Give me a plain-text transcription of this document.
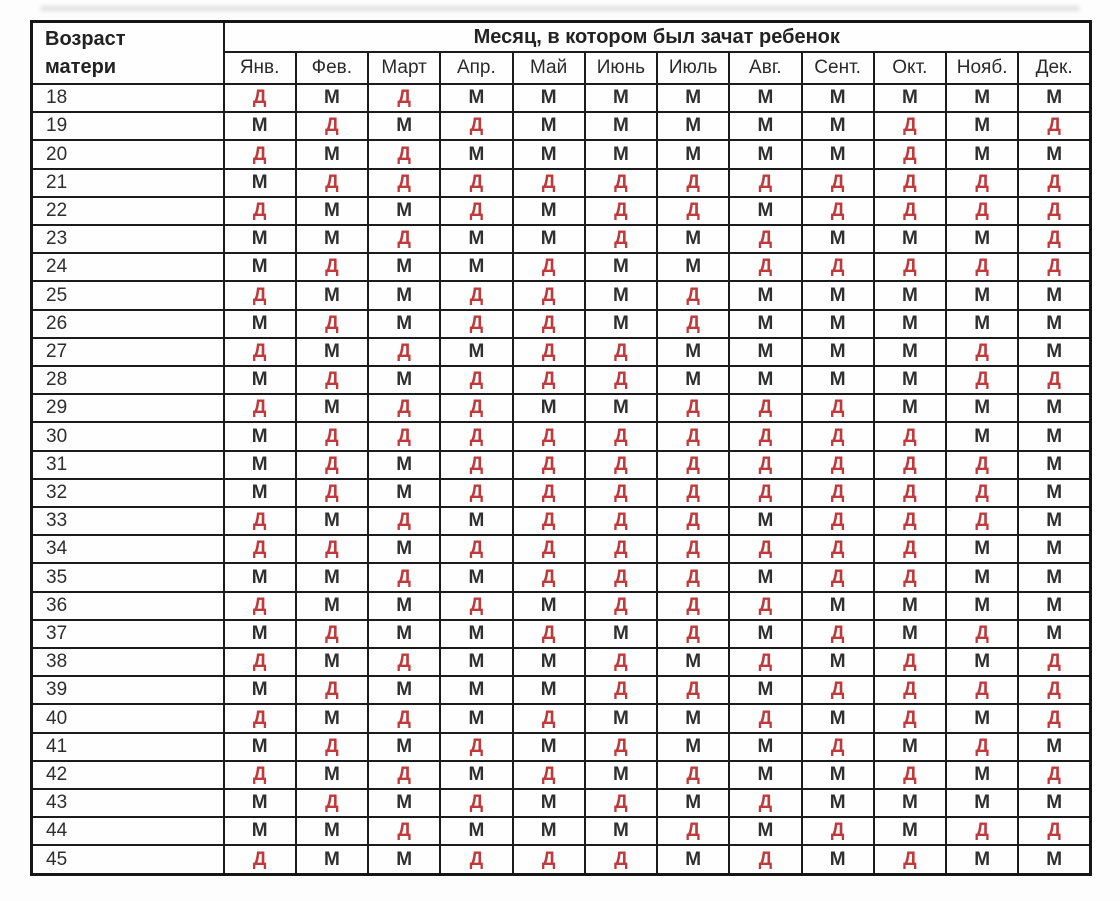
Возраст
матери	Месяц, в котором был зачат ребенок											
	Янв.	Фев.	Март	Апр.	Май	Июнь	Июль	Авг.	Сент.	Окт.	Нояб.	Дек.
18	Д	М	Д	М	М	М	М	М	М	М	М	М
19	М	Д	М	Д	М	М	М	М	М	Д	М	Д
20	Д	М	Д	М	М	М	М	М	М	Д	М	М
21	М	Д	Д	Д	Д	Д	Д	Д	Д	Д	Д	Д
22	Д	М	М	Д	М	Д	Д	М	Д	Д	Д	Д
23	М	М	Д	М	М	Д	М	Д	М	М	М	Д
24	М	Д	М	М	Д	М	М	Д	Д	Д	Д	Д
25	Д	М	М	Д	Д	М	Д	М	М	М	М	М
26	М	Д	М	Д	Д	М	Д	М	М	М	М	М
27	Д	М	Д	М	Д	Д	М	М	М	М	Д	М
28	М	Д	М	Д	Д	Д	М	М	М	М	Д	Д
29	Д	М	Д	Д	М	М	Д	Д	Д	М	М	М
30	М	Д	Д	Д	Д	Д	Д	Д	Д	Д	М	М
31	М	Д	М	Д	Д	Д	Д	Д	Д	Д	Д	М
32	М	Д	М	Д	Д	Д	Д	Д	Д	Д	Д	М
33	Д	М	Д	М	Д	Д	Д	М	Д	Д	Д	М
34	Д	Д	М	Д	Д	Д	Д	Д	Д	Д	М	М
35	М	М	Д	М	Д	Д	Д	М	Д	Д	М	М
36	Д	М	М	Д	М	Д	Д	Д	М	М	М	М
37	М	Д	М	М	Д	М	Д	М	Д	М	Д	М
38	Д	М	Д	М	М	Д	М	Д	М	Д	М	Д
39	М	Д	М	М	М	Д	Д	М	Д	Д	Д	Д
40	Д	М	Д	М	Д	М	М	Д	М	Д	М	Д
41	М	Д	М	Д	М	Д	М	М	Д	М	Д	М
42	Д	М	Д	М	Д	М	Д	М	М	Д	М	Д
43	М	Д	М	Д	М	Д	М	Д	М	М	М	М
44	М	М	Д	М	М	М	Д	М	Д	М	Д	Д
45	Д	М	М	Д	Д	Д	М	Д	М	Д	М	М
